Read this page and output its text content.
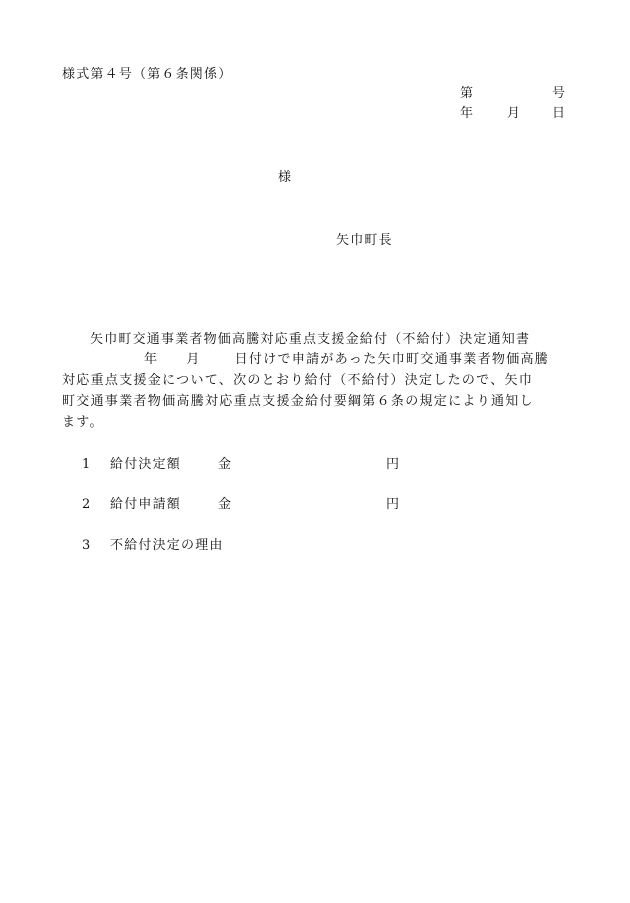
様式第４号（第６条関係）
第	号
年	月 日
様
矢巾町長
矢巾町交通事業者物価高騰対応重点支援金給付（不給付）決定通知書
年 月	日付けで申請があった矢巾町交通事業者物価高騰
対応重点支援金について、次のとおり給付（不給付）決定したので、矢巾
町交通事業者物価高騰対応重点支援金給付要綱第６条の規定により通知し
ます。
1 給付決定額	金	円
2 給付申請額	金	円
3 不給付決定の理由
